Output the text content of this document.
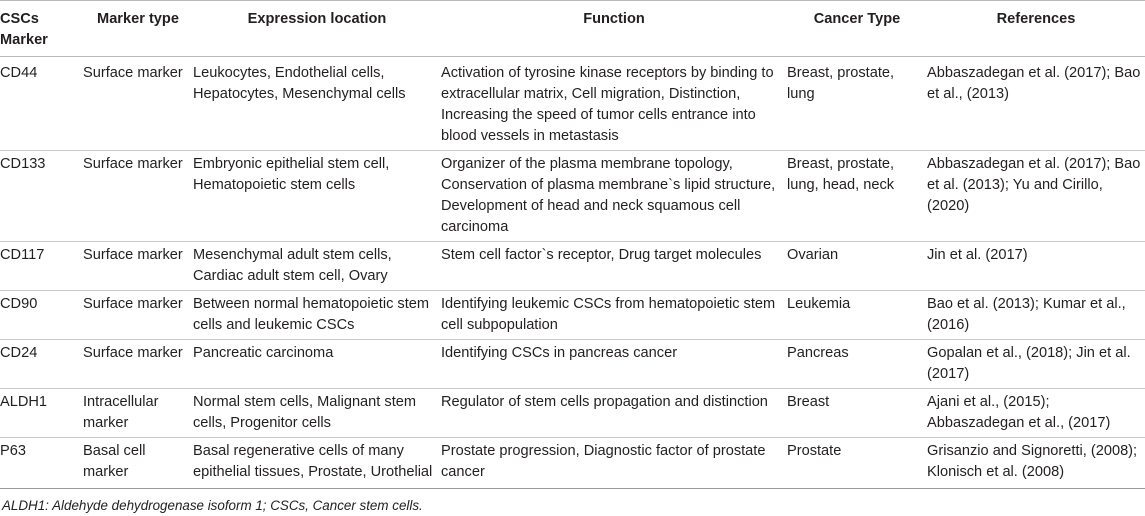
CSCs Marker	Marker type	Expression location	Function	Cancer Type	References
CD44	Surface marker	Leukocytes, Endothelial cells, Hepatocytes, Mesenchymal cells	Activation of tyrosine kinase receptors by binding to extracellular matrix, Cell migration, Distinction, Increasing the speed of tumor cells entrance into blood vessels in metastasis	Breast, prostate, lung	Abbaszadegan et al. (2017); Bao et al., (2013)
CD133	Surface marker	Embryonic epithelial stem cell, Hematopoietic stem cells	Organizer of the plasma membrane topology, Conservation of plasma membrane`s lipid structure, Development of head and neck squamous cell carcinoma	Breast, prostate, lung, head, neck	Abbaszadegan et al. (2017); Bao et al. (2013); Yu and Cirillo, (2020)
CD117	Surface marker	Mesenchymal adult stem cells, Cardiac adult stem cell, Ovary	Stem cell factor`s receptor, Drug target molecules	Ovarian	Jin et al. (2017)
CD90	Surface marker	Between normal hematopoietic stem cells and leukemic CSCs	Identifying leukemic CSCs from hematopoietic stem cell subpopulation	Leukemia	Bao et al. (2013); Kumar et al., (2016)
CD24	Surface marker	Pancreatic carcinoma	Identifying CSCs in pancreas cancer	Pancreas	Gopalan et al., (2018); Jin et al. (2017)
ALDH1	Intracellular marker	Normal stem cells, Malignant stem cells, Progenitor cells	Regulator of stem cells propagation and distinction	Breast	Ajani et al., (2015); Abbaszadegan et al., (2017)
P63	Basal cell marker	Basal regenerative cells of many epithelial tissues, Prostate, Urothelial	Prostate progression, Diagnostic factor of prostate cancer	Prostate	Grisanzio and Signoretti, (2008); Klonisch et al. (2008)
ALDH1: Aldehyde dehydrogenase isoform 1; CSCs, Cancer stem cells.
